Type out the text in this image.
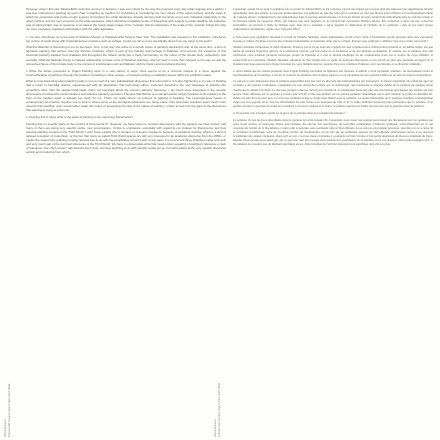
Okwui Enwezor Interview with Suzanne Pagé & Hans-Ulrich Obrist

However, when I first saw Tatiana Brill's work this summer in Antwerp, I was very struck by the way she imposed every day urban signage into a gallery. I was less interested in painting as such, than in painting as medium for embarking in considering the very nature of the urban context, and the ways in which the panoramic and codes of sign systems throughout the urban landscape already denotes both the limits of our own individual subjectivity in the urban context, and the very presence of the state apparatus, which demands a legalistic series of interacting with regards to urban dwelling. My collective was an idiosyncratic one, in response to an idea of the nearly-stasis image of the "outside" that the distinction of the scale of the "outside" brings into play our own, everyday, regulated confrontation with the state apparatus.

●You also introduced us to the work of Shahiza Shumin, a Pakistani artist living in New York. The installation she presents in this exhibition, introduces her culture of origin along with industrial access practices such as collage. Could you tell us more specifically about how you came to his work?

Shahzia Sikander is interesting to me for two ways. First, in her way she refers to a certain notion of painterly abstraction and, at the same time, a form of figurative painting that derives from the Persian miniature, which is part of her training and heritage in Pakistan. And second, the existence of this historical painterly tradition from Pakistan and throughout the Islamic world into a frank commentary on the notion of the female body, subjectivity, and sexuality. Shahzia Sikander brings a charged relationship to these sorts of historical practices, and her work is more than relevant to the way we ask the unresolved figure of the female body in the context of a landscape such as Pakistan, with its history and its cultural diversity.

●While the artists presented in Urgent Painting work in a vast variety of ways, there seems to be a common interest in a move against the commodification of painting, through the creation of painting in other spaces, or through working on awkward issues within the exhibition space.

What is most interesting about painting today is not so much the very individualistic discourses that surrounds it. It is also frightening in my way of thinking that a return to formalist notions, supplemented with an abstraction that technology offers, somehow transforms the very language of painting into something other than the simple hand-made, that's not important about the present painterly discourse. I am much more interested in the specific discussions of artists who communicate a self-reflexive painterly operation. The idea that Richter is a relevant painter simply because of his mastery of the form of the medium itself, is already too much for me. That's not really where my interest of painting is heading. The heterogeneous nature of contemporary art practice requires one to look to where some of the strongest statements are being made. Film and video practices seem much more relevant than painting, and I would rather make this notion of presenting the idea of the status of painting. I prefer to look into the gaps of the discourses that painting is trying to enter into.

●Keeping this in mind, what is the place of painting in the upcoming Documenta ?

Painting has no specific place in the context of Documenta XI. However, we have teams to conduct discussions with the painters we have invited, and many of them are doing very specific works, new commissions. I'd like to emphasize, especially with regard to our invitees for Documenta, just how relevant painting remains in the Third World. I don't know exactly why it remains so relevant, maybe it's because of academic training, which is a kind of delayed reception of modernism, or the fact that many so-called Third World spaces are still very interested in an academic discourse from the 1950s, or maybe the reason why painting remains relevant has to do with the possibilities of point itself. In any case, it is a recurrent thing. Painting is alive and well, and very much part of the dominant discourse of the Third World. We have to contemplate what that means when speaking of painting's relevance or lack of relevance. Our chief concern with Documenta X does not have anything to do with specific media per se, but with looking at the very specific discursive activity and producing from which.

Okwui Enwezor Entretien avec Suzanne Pagé & Hans-Ulrich Obrist

Cependant, quand j'ai vu pour la première fois le travail de Tatiana Brill cet été à Anvers, j'ai été très frappé par la façon dont elle imposait une signalisation urbaine quotidienne dans une galerie. Je me suis moins intéressé à la peinture en tant que telle qu'à la peinture en tant que moyen pour réfléchir au fonctionnement même du contexte urbain ; l'omniprésence des signalétiques dans le paysage urbain marque à la fois les limites de notre subjectivité individuelle dans le contexte urbain et la présence même de l'appareil d'État, qui impose une série légaliste de la interactivité concernant l'habitat urbain. Ma collection a donc été une collection particulière, en réaction à l'idée de l'image toute faite de l'« extérieur » selon laquelle la distinction de l'échelle de l'« extérieur » met en jeu notre propre confrontation quotidienne, réglée avec l'appareil d'État.

●Vous nous avez également introduit le travail de Shahzia Sikander, artiste pakistanaise vivant à New York. L'installation qu'elle présente dans cette exposition évoque sa culture d'origine à travers des pratiques industrielles occidentales telles que le collage. Pouvez-vous expliquer comment vous avez connu son travail ?

Shahzia Sikander m'intéresse de deux manières. D'abord, par la façon dont elle s'appuie sur une certaine notion d'abstraction picturale et, en même temps, sur une forme de peinture figurative dérivée de la miniature persane, qui fait partie de sa formation et de son héritage au Pakistan. Et ensuite, par la manière dont elle transforme cette tradition picturale historique propre au Pakistan et à tout le monde islamique en un commentaire franc sur la notion du corps féminin, la subjectivité et la sexualité. Shahzia Sikander entretient un lien chargé avec ce genre de pratiques historiques et son travail est plus que pertinent au regard de la manière dont nous percevons la figure irrésolue du corps féminin dans le contexte d'un pays comme le Pakistan, avec son histoire et sa diversité culturelle.

●Alors même que les artistes présentés dans Urgent Painting travaillent de manières très diverses, il semble y avoir un intérêt commun : un mouvement contre la marchandisation de la peinture, à travers la création de peintures dans d'autres espaces, ou en travaillant sur des questions délicates au sein de l'espace d'exposition.

Ce qui est le plus intéressant dans la peinture aujourd'hui n'est pas tant les discours très individualistes qui l'entourent. Je trouve également très effrayant que l'on revienne à des notions formalistes, complétées par une abstraction offerte par la technologie, qui transforme le langage même de la peinture en quelque chose d'autre que le simple fait main. Le discours pictural actuel ne devrait pas s'arrêter là. Je m'intéresse beaucoup plus aux discussions spécifiques des artistes qui font preuve d'une réflexion sur la peinture à travers leur travail. L'idée que Richter est un peintre pertinent simplement parce qu'il maîtrise la forme du médium lui-même est déjà de trop pour moi. Ce n'est pas vraiment là que se dirige mon intérêt pour la peinture. La nature hétérogène de la pratique artistique contemporaine exige que l'on regarde où se font les affirmations les plus fortes. Les pratiques du film et de la vidéo semblent beaucoup plus pertinentes que la peinture, et je préfère aborder la question du statut de la peinture à travers le cinéma et la vidéo. Je préfère regarder les failles des discours que la peinture tente de pénétrer.

●En gardant cela à l'esprit, quelle est la place de la peinture dans la prochaine Documenta ?

La peinture n'a pas de place déterminée dans le contexte de la Documenta XI. Cependant, nous avons des équipes pour mener des discussions avec les peintres que nous avons invités, et beaucoup d'entre eux réalisent des œuvres très spécifiques, de nouvelles commandes. J'aimerais souligner, particulièrement en ce qui concerne les invités de la Documenta, à quel point la peinture reste pertinente dans le Tiers-Monde. Je ne sais pas exactement pourquoi, peut-être est-ce à cause de la formation académique, sorte de réception tardive du modernisme, ou du fait que de nombreux espaces du Tiers-Monde s'intéressent encore à un discours académique des années cinquante. Quoi qu'il en soit, c'est une chose récurrente. La peinture est bien vivante et fait partie intégrante du discours dominant du Tiers-Monde. Nous devons nous interroger sur ce que cela veut dire lorsque nous parlons de la pertinence de la peinture ou de son absence. Notre préoccupation avec la Documenta ne concerne pas un médium spécifique en soi, mais l'examen de l'activité discursive très spécifique dont elle procède.
